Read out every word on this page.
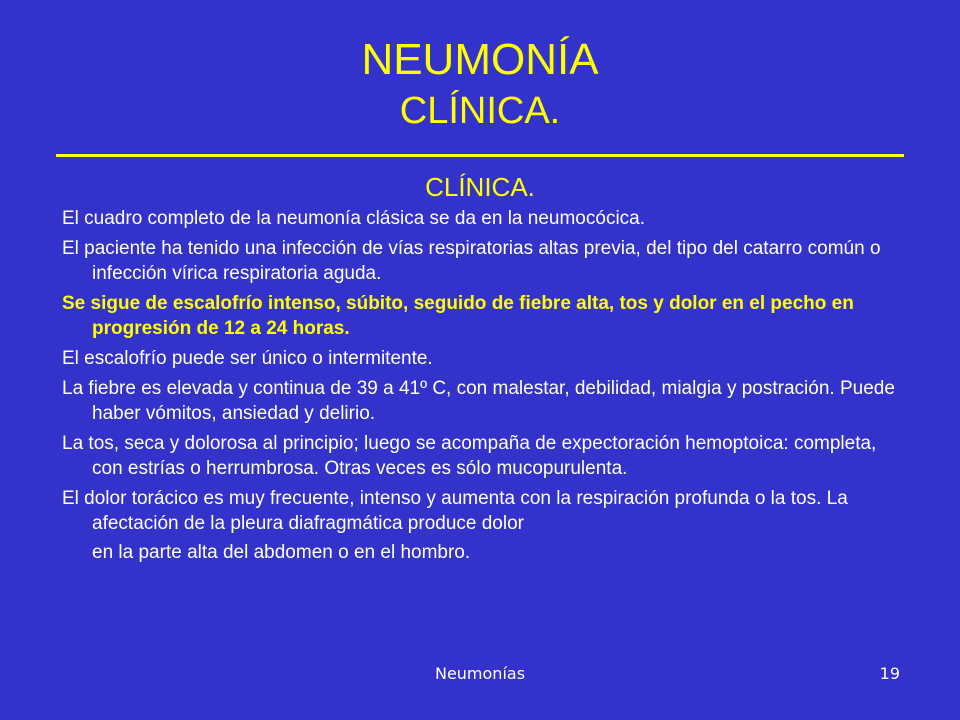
NEUMONÍA
CLÍNICA.
CLÍNICA.

El cuadro completo de la neumonía clásica se da en la neumocócica.

El paciente ha tenido una infección de vías respiratorias altas previa, del tipo del catarro común o infección vírica respiratoria aguda.

Se sigue de escalofrío intenso, súbito, seguido de fiebre alta, tos y dolor en el pecho en progresión de 12 a 24 horas.

El escalofrío puede ser único o intermitente.

La fiebre es elevada y continua de 39 a 41º C, con malestar, debilidad, mialgia y postración. Puede haber vómitos, ansiedad y delirio.

La tos, seca y dolorosa al principio; luego se acompaña de expectoración hemoptoica: completa, con estrías o herrumbrosa. Otras veces es sólo mucopurulenta.

El dolor torácico es muy frecuente, intenso y aumenta con la respiración profunda o la tos. La afectación de la pleura diafragmática produce dolor

en la parte alta del abdomen o en el hombro.

Neumonías	19
